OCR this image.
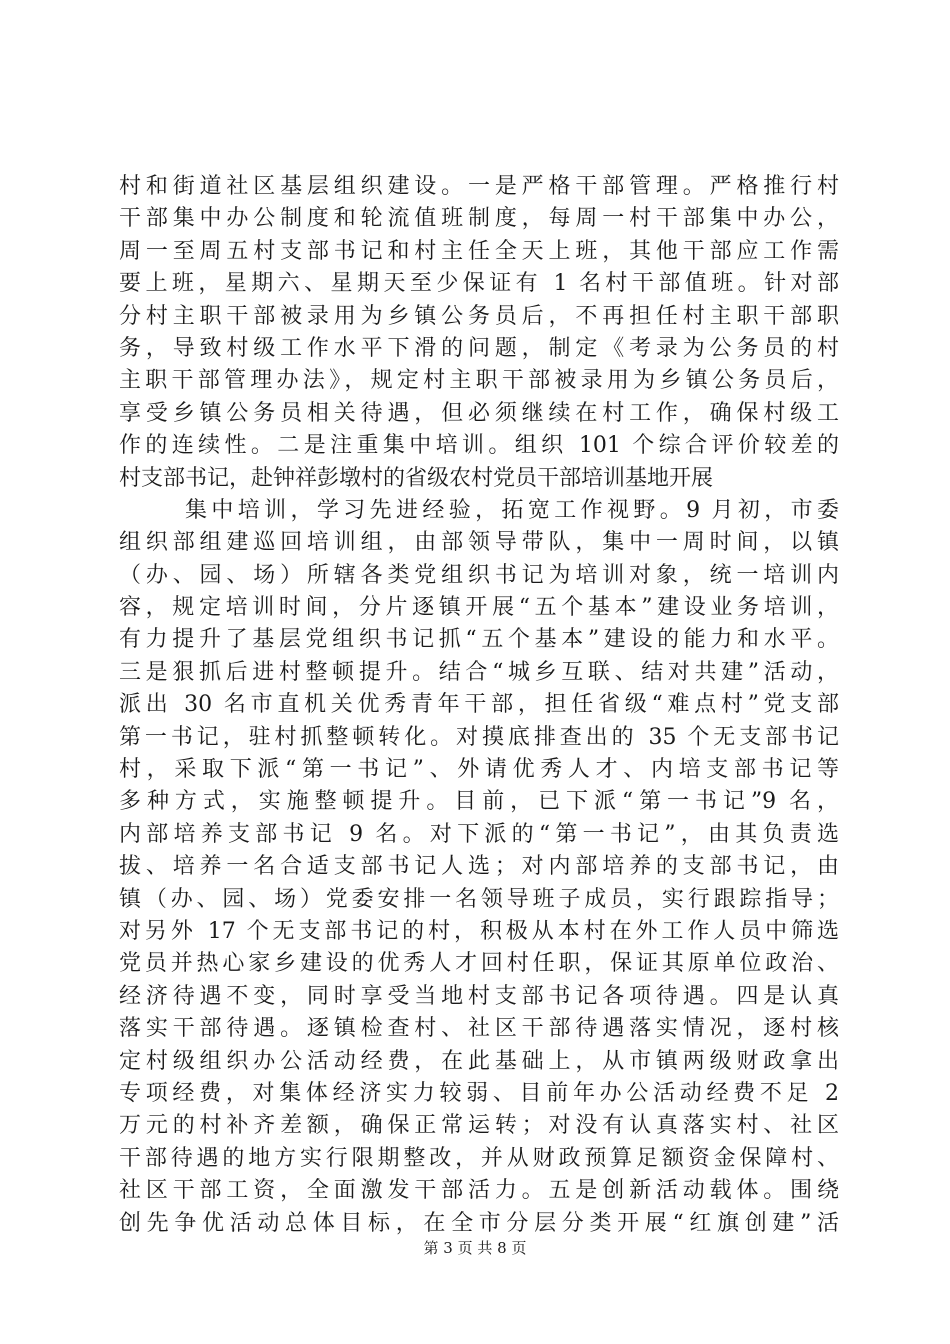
村和街道社区基层组织建设。一是严格干部管理。严格推行村
干部集中办公制度和轮流值班制度，每周一村干部集中办公，
周一至周五村支部书记和村主任全天上班，其他干部应工作需
要上班，星期六、星期天至少保证有 1 名村干部值班。针对部
分村主职干部被录用为乡镇公务员后，不再担任村主职干部职
务，导致村级工作水平下滑的问题，制定《考录为公务员的村
主职干部管理办法》，规定村主职干部被录用为乡镇公务员后，
享受乡镇公务员相关待遇，但必须继续在村工作，确保村级工
作的连续性。二是注重集中培训。组织 101 个综合评价较差的
村支部书记，赴钟祥彭墩村的省级农村党员干部培训基地开展
集中培训，学习先进经验，拓宽工作视野。9 月初，市委
组织部组建巡回培训组，由部领导带队，集中一周时间，以镇
（办、园、场）所辖各类党组织书记为培训对象，统一培训内
容，规定培训时间，分片逐镇开展“五个基本”建设业务培训，
有力提升了基层党组织书记抓“五个基本”建设的能力和水平。
三是狠抓后进村整顿提升。结合“城乡互联、结对共建”活动，
派出 30 名市直机关优秀青年干部，担任省级“难点村”党支部
第一书记，驻村抓整顿转化。对摸底排查出的 35 个无支部书记
村，采取下派“第一书记”、外请优秀人才、内培支部书记等
多种方式，实施整顿提升。目前，已下派“第一书记”9 名，
内部培养支部书记 9 名。对下派的“第一书记”，由其负责选
拔、培养一名合适支部书记人选；对内部培养的支部书记，由
镇（办、园、场）党委安排一名领导班子成员，实行跟踪指导；
对另外 17 个无支部书记的村，积极从本村在外工作人员中筛选
党员并热心家乡建设的优秀人才回村任职，保证其原单位政治、
经济待遇不变，同时享受当地村支部书记各项待遇。四是认真
落实干部待遇。逐镇检查村、社区干部待遇落实情况，逐村核
定村级组织办公活动经费，在此基础上，从市镇两级财政拿出
专项经费，对集体经济实力较弱、目前年办公活动经费不足 2
万元的村补齐差额，确保正常运转；对没有认真落实村、社区
干部待遇的地方实行限期整改，并从财政预算足额资金保障村、
社区干部工资，全面激发干部活力。五是创新活动载体。围绕
创先争优活动总体目标，在全市分层分类开展“红旗创建”活
第 3 页 共 8 页
